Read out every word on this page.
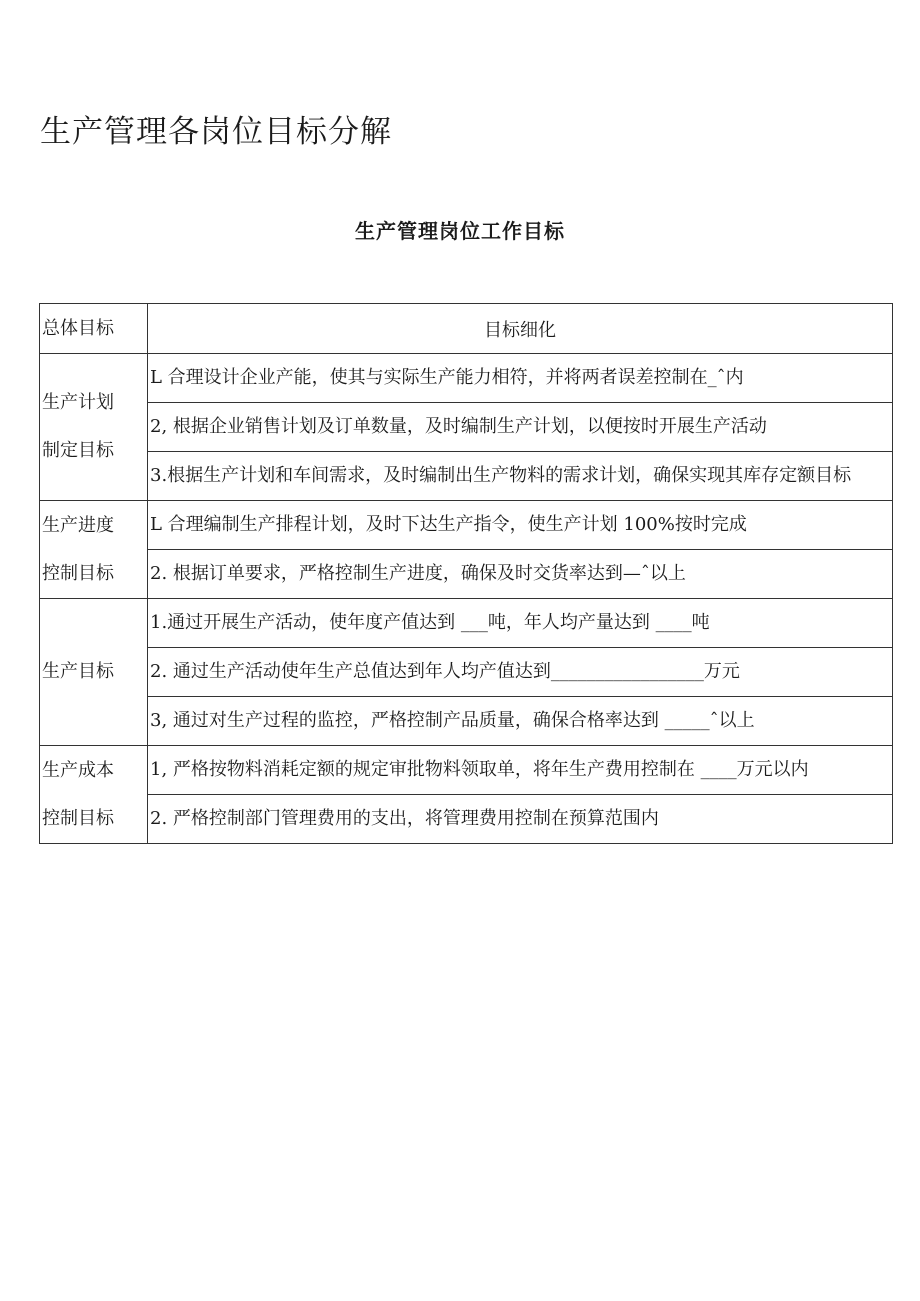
生产管理各岗位目标分解
生产管理岗位工作目标
总体目标	目标细化

生产计划
制定目标	L 合理设计企业产能，使其与实际生产能力相符，并将两者误差控制在_ˆ内
	2, 根据企业销售计划及订单数量，及时编制生产计划，以便按时开展生产活动
	3.根据生产计划和车间需求，及时编制出生产物料的需求计划，确保实现其库存定额目标

生产进度
控制目标	L 合理编制生产排程计划，及时下达生产指令，使生产计划 100%按时完成
	2. 根据订单要求，严格控制生产进度，确保及时交货率达到—ˆ以上

生产目标	1.通过开展生产活动，使年度产值达到 ___吨，年人均产量达到 ____吨
	2. 通过生产活动使年生产总值达到年人均产值达到_________________万元
	3, 通过对生产过程的监控，严格控制产品质量，确保合格率达到 _____ˆ以上

生产成本
控制目标	1, 严格按物料消耗定额的规定审批物料领取单，将年生产费用控制在 ____万元以内
	2. 严格控制部门管理费用的支出，将管理费用控制在预算范围内
